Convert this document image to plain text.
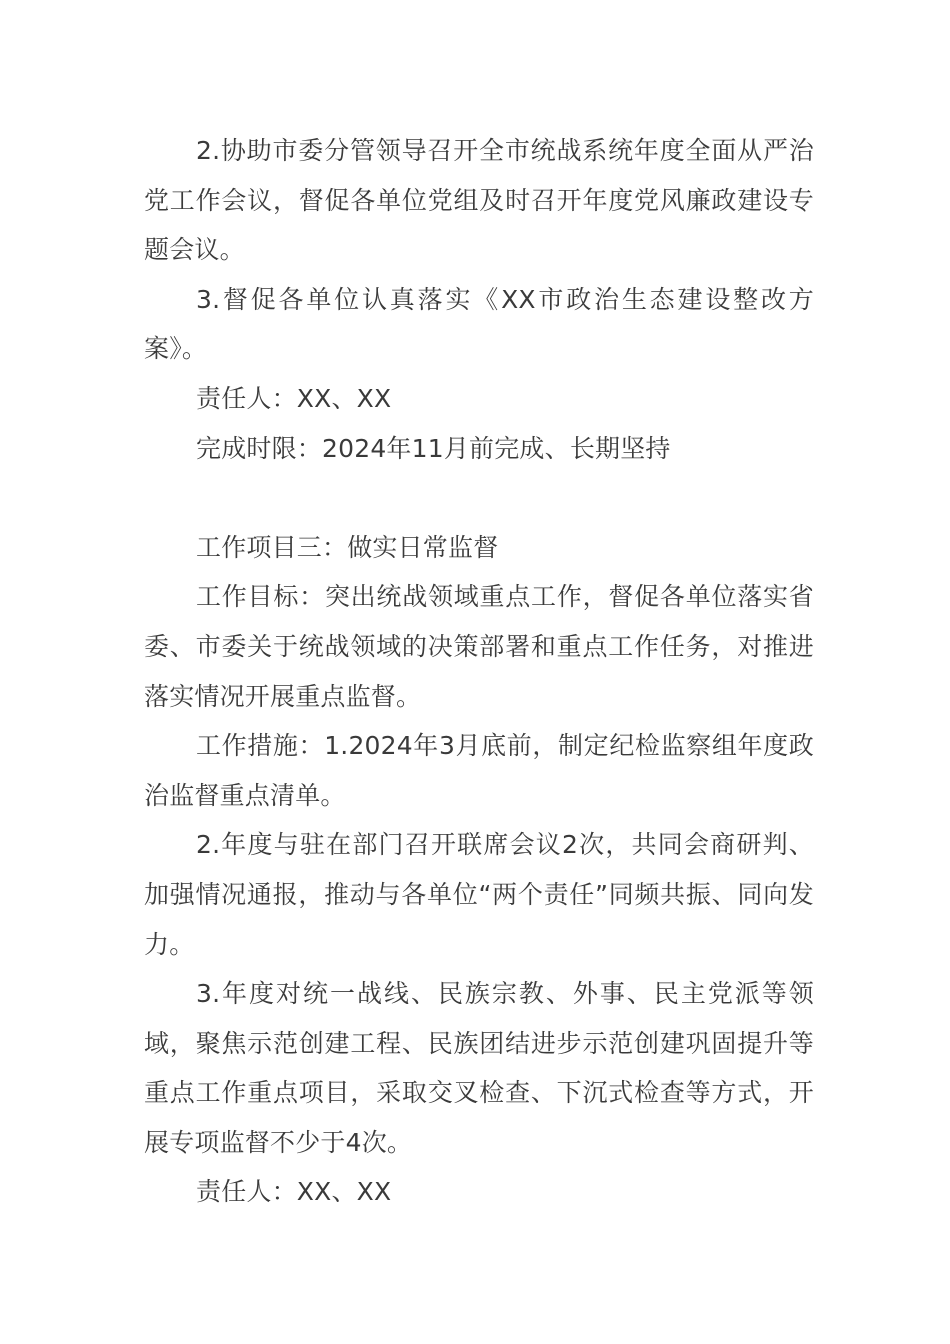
2.协助市委分管领导召开全市统战系统年度全面从严治党工作会议，督促各单位党组及时召开年度党风廉政建设专题会议。

3.督促各单位认真落实《XX市政治生态建设整改方案》。

责任人：XX、XX

完成时限：2024年11月前完成、长期坚持

工作项目三：做实日常监督

工作目标：突出统战领域重点工作，督促各单位落实省委、市委关于统战领域的决策部署和重点工作任务，对推进落实情况开展重点监督。

工作措施：1.2024年3月底前，制定纪检监察组年度政治监督重点清单。

2.年度与驻在部门召开联席会议2次，共同会商研判、加强情况通报，推动与各单位“两个责任”同频共振、同向发力。

3.年度对统一战线、民族宗教、外事、民主党派等领域，聚焦示范创建工程、民族团结进步示范创建巩固提升等重点工作重点项目，采取交叉检查、下沉式检查等方式，开展专项监督不少于4次。

责任人：XX、XX
